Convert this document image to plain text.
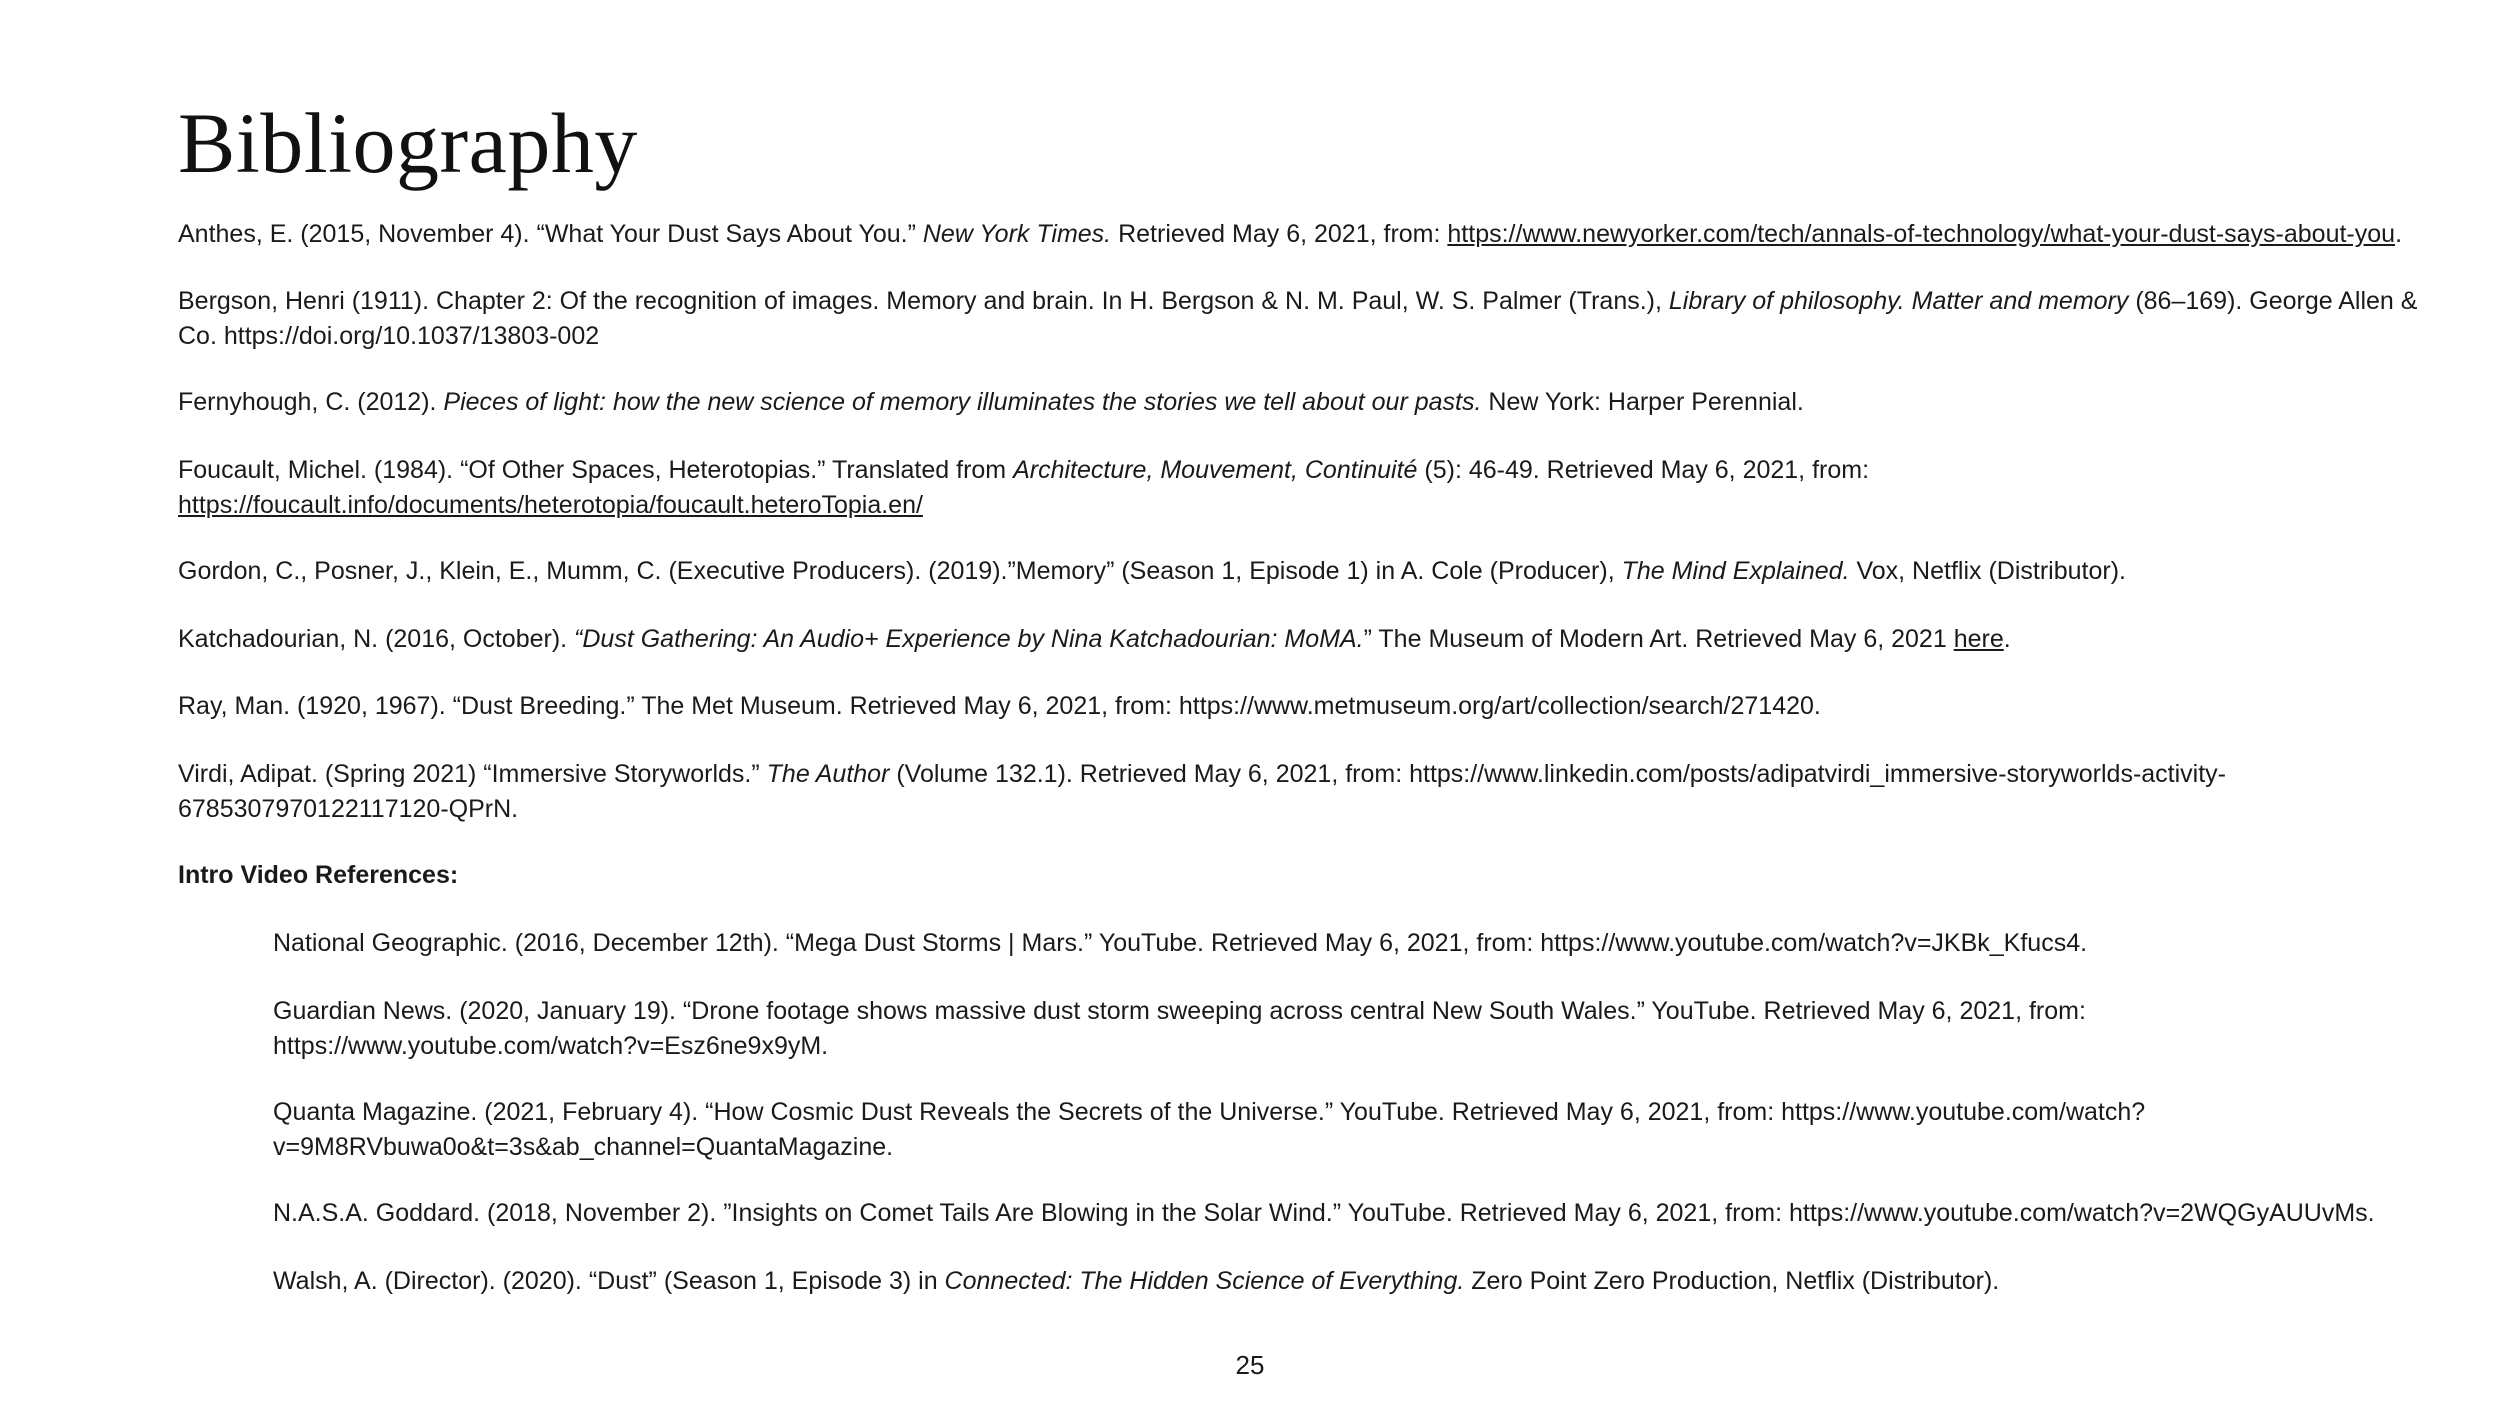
Bibliography

Anthes, E. (2015, November 4). “What Your Dust Says About You.” New York Times. Retrieved May 6, 2021, from: https://www.newyorker.com/tech/annals-of-technology/what-your-dust-says-about-you.

Bergson, Henri (1911). Chapter 2: Of the recognition of images. Memory and brain. In H. Bergson & N. M. Paul, W. S. Palmer (Trans.), Library of philosophy. Matter and memory (86–169). George Allen & Co. https://doi.org/10.1037/13803-002

Fernyhough, C. (2012). Pieces of light: how the new science of memory illuminates the stories we tell about our pasts. New York: Harper Perennial.

Foucault, Michel. (1984). “Of Other Spaces, Heterotopias.” Translated from Architecture, Mouvement, Continuité (5): 46-49. Retrieved May 6, 2021, from: https://foucault.info/documents/heterotopia/foucault.heteroTopia.en/

Gordon, C., Posner, J., Klein, E., Mumm, C. (Executive Producers). (2019).”Memory” (Season 1, Episode 1) in A. Cole (Producer), The Mind Explained. Vox, Netflix (Distributor).

Katchadourian, N. (2016, October). “Dust Gathering: An Audio+ Experience by Nina Katchadourian: MoMA.” The Museum of Modern Art. Retrieved May 6, 2021 here.

Ray, Man. (1920, 1967). “Dust Breeding.” The Met Museum. Retrieved May 6, 2021, from: https://www.metmuseum.org/art/collection/search/271420.

Virdi, Adipat. (Spring 2021) “Immersive Storyworlds.” The Author (Volume 132.1). Retrieved May 6, 2021, from: https://www.linkedin.com/posts/adipatvirdi_immersive-storyworlds-activity-6785307970122117120-QPrN.

Intro Video References:

National Geographic. (2016, December 12th). “Mega Dust Storms | Mars.” YouTube. Retrieved May 6, 2021, from: https://www.youtube.com/watch?v=JKBk_Kfucs4.

Guardian News. (2020, January 19). “Drone footage shows massive dust storm sweeping across central New South Wales.” YouTube. Retrieved May 6, 2021, from: https://www.youtube.com/watch?v=Esz6ne9x9yM.

Quanta Magazine. (2021, February 4). “How Cosmic Dust Reveals the Secrets of the Universe.” YouTube. Retrieved May 6, 2021, from: https://www.youtube.com/watch?v=9M8RVbuwa0o&t=3s&ab_channel=QuantaMagazine.

N.A.S.A. Goddard. (2018, November 2). ”Insights on Comet Tails Are Blowing in the Solar Wind.” YouTube. Retrieved May 6, 2021, from: https://www.youtube.com/watch?v=2WQGyAUUvMs.

Walsh, A. (Director). (2020). “Dust” (Season 1, Episode 3) in Connected: The Hidden Science of Everything. Zero Point Zero Production, Netflix (Distributor).

25
